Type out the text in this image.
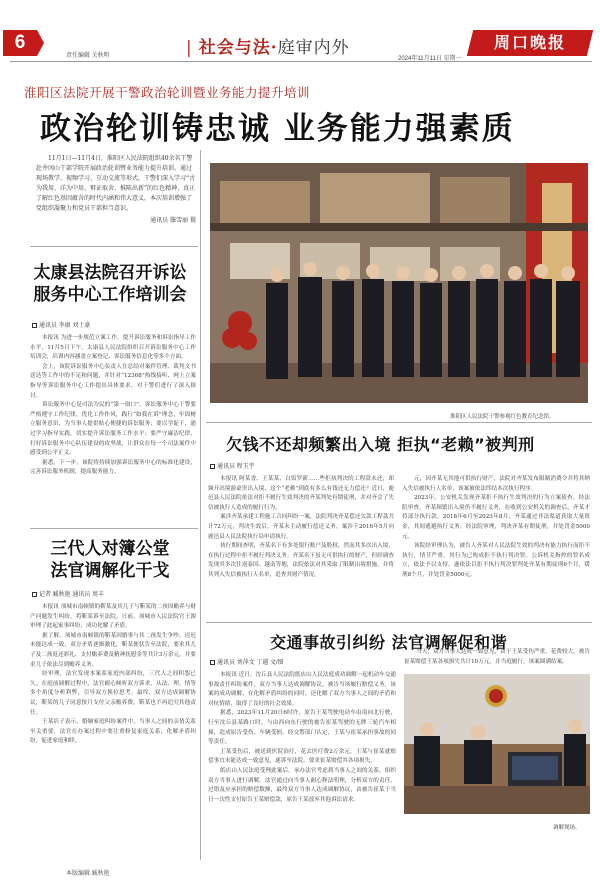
6
责任编辑 关秋明	| 社会与法·庭审内外	周口晚报
2024年11月11日 星期一
淮阳区法院开展干警政治轮训暨业务能力提升培训
政治轮训铸忠诚 业务能力强素质
11月1日—11月4日，淮阳区人民法院组织40余名干警赴井冈山干部学院开展政治轮训暨业务能力提升培训。通过现场教学、视频学习、互动交流等形式，干警们深入学习“古为我用、洋为中用、辩证取舍、推陈出新”的红色精神，真正了解红色基因蕴含的时代内涵和伟大意义。本次培训增强了党组织凝聚力和党员干部担当意识。
通讯员 滕雪丽 摄
淮阳区人民法院干警参观红色教育纪念馆。
太康县法院召开诉讼
服务中心工作培训会
通讯员 李康 刘士豪

本报讯 为进一步规范立案工作，提升诉讼服务和诉讼指导工作水平，11月5日下午，太康县人民法院组织召开诉讼服务中心工作培训会，培训内容涵盖立案登记、诉讼服务信息化等多个方面。

会上，该院诉讼服务中心负责人在总结对案件管理、裁判文书送达等工作中的不足和问题，并针对“12368”热线接听、网上立案指导等诉讼服务中心工作提出具体要求，对干警们进行了深入探讨。

诉讼服务中心是司法为民的“第一窗口”，诉讼服务中心干警要严格遵守工作纪律，优化工作作风，践行“如我在诉”理念，牢固树立服务意识，为当事人提供贴心便捷的诉讼服务；要以学促干，通过学习指导实践，切实提升诉讼服务工作水平；要严守廉洁纪律，打好诉讼服务中心队伍建设的攻坚战，让群众在每一个司法案件中感受到公平正义。

据悉，下一步，该院将持续加强诉讼服务中心的标准化建设，完善诉讼服务机制，提高服务能力。

三代人对簿公堂
法官调解化干戈
记者 臧秋艳 通讯员 周丰

本报讯 项城市南顿镇的靳某及其儿子与靳某的二孩因赡养与财产问题发生纠纷，将靳某诉至法院。日前，项城市人民法院官王源审理了此起家事纠纷，成功化解了矛盾。

据了解，项城市南顿镇的靳某因婚事与其二孩发生争吵，迟迟未能达成一致，双方矛盾逐渐激化，靳某便状告至法院，要求其儿子及二孩返还彩礼、支付赡养费及精神抚慰金等共计3万余元，并要求儿子依法尽到赡养义务。

经审理，法官发现本案系家庭内部纠纷，三代人之间积怨已久。在庭前调解过程中，法官耐心倾听双方诉求，从法、理、情等多个角度分析利弊，引导双方换位思考。最终，双方达成调解协议，靳某的儿子同意按月支付父亲赡养费，靳某也不再追究其他责任。

王某培子表示，婚姻家庭纠纷案件中，当事人之间的亲情关系至关重要，法官在办案过程中要注重修复家庭关系，化解矛盾纠纷，促进家庭和睦。

本版编辑 臧秋艳
欠钱不还却频繁出入境 拒执“老赖”被判刑
通讯员 程玉宇

本报讯 阿某香、王某某、白饭罗新……些拒执判决的工程款未还，却频开出境游豪贵出入境，这个“老赖”到底有多么有钱还无力偿还？近日，鹿邑县人民法院依法对拒不履行生效判决的齐某判处有期徒刑，并对齐会了失信被执行人造成的履行行为。

案涉齐某承建工程施工合同纠纷一案，法院判决齐某偿还欠款工程款共计72万元，判决生效后，齐某未主动履行偿还义务。案涉于2016年5月向鹿邑县人民法院执行局申请执行。

执行期间查明，齐某名下有多处银行账户及股权，然而其多次出入境，在执行过程中拒不履行判决义务。齐某名下虽无可供执行的财产，但经调查发现其多次往返泰国、越南等地，法院依法对其采取了限制出境措施，并将其列入失信被执行人名单，追查其财产情况。

元，因齐某无其他可供执行财产，法院对齐某发布限制消费令并将其纳入失信被执行人名单，该案被依法终结本次执行程序。

2023年，公安机关发现齐某拒不执行生效判决的行为立案侦查。经法院审查，齐某频繁出入境仍不履行义务，在收到公安机关的调查后，齐某才将部分执行款，2018年6月至2023年8月，齐某通过非法渠道获取大量资金，其间逃避执行义务。经法院审理，判决齐某有期徒刑，并处罚金5000元。

该院经审理认为，被告人齐某对人民法院生效的判决有能力执行而拒不执行，情节严重，其行为已构成拒不执行判决罪。公诉机关指控的罪名成立，依法予以支持，遂依法以拒不执行判决罪判处齐某有期徒刑6个月，缓刑8个月，并处罚金5000元。

交通事故引纠纷 法官调解促和谐
通讯员 刘萍文 丁越 文/图

本报讯 近日，沈丘县人民法院纸店山人民法庭成功调解一起机动车交通事故责任纠纷案件，双方当事人达成调解协议，被告当场履行赔偿义务，该案的成功调解，在化解矛盾纠纷的同时，还化解了双方当事人之间的矛盾和对抗情绪，取得了良好的社会效果。

据悉，2023年11月20日6时许，原告王某驾驶电动车由南向北行驶，行至沈丘县某路口时，与由西向东行驶的被告崔某驾驶的无牌三轮汽车相撞，造成原告受伤、车辆受损。经交警部门认定，王某与崔某承担事故的同等责任。

王某受伤后，被送到医院治疗，花去医疗费2万余元。王某与崔某就赔偿事宜未能达成一致意见，遂诉至法院，要求崔某赔偿其各项损失。

纸店山人民法庭受理此案后，承办法官考虑到当事人之间的关系，组织双方当事人进行调解。法官通过向当事人耐心释法明理，分析双方的责任、过错及应承担的赔偿数额，最终双方当事人达成调解协议，由被告崔某于当日一次性支付原告王某赔偿款，原告王某放弃其他诉讼请求。

当天，双方当事人达成一致意见，由于王某受伤严重，花费较大，被告崔某赔偿王某各项损失共计10万元，并当庭履行，该案圆满结案。

调解现场。
